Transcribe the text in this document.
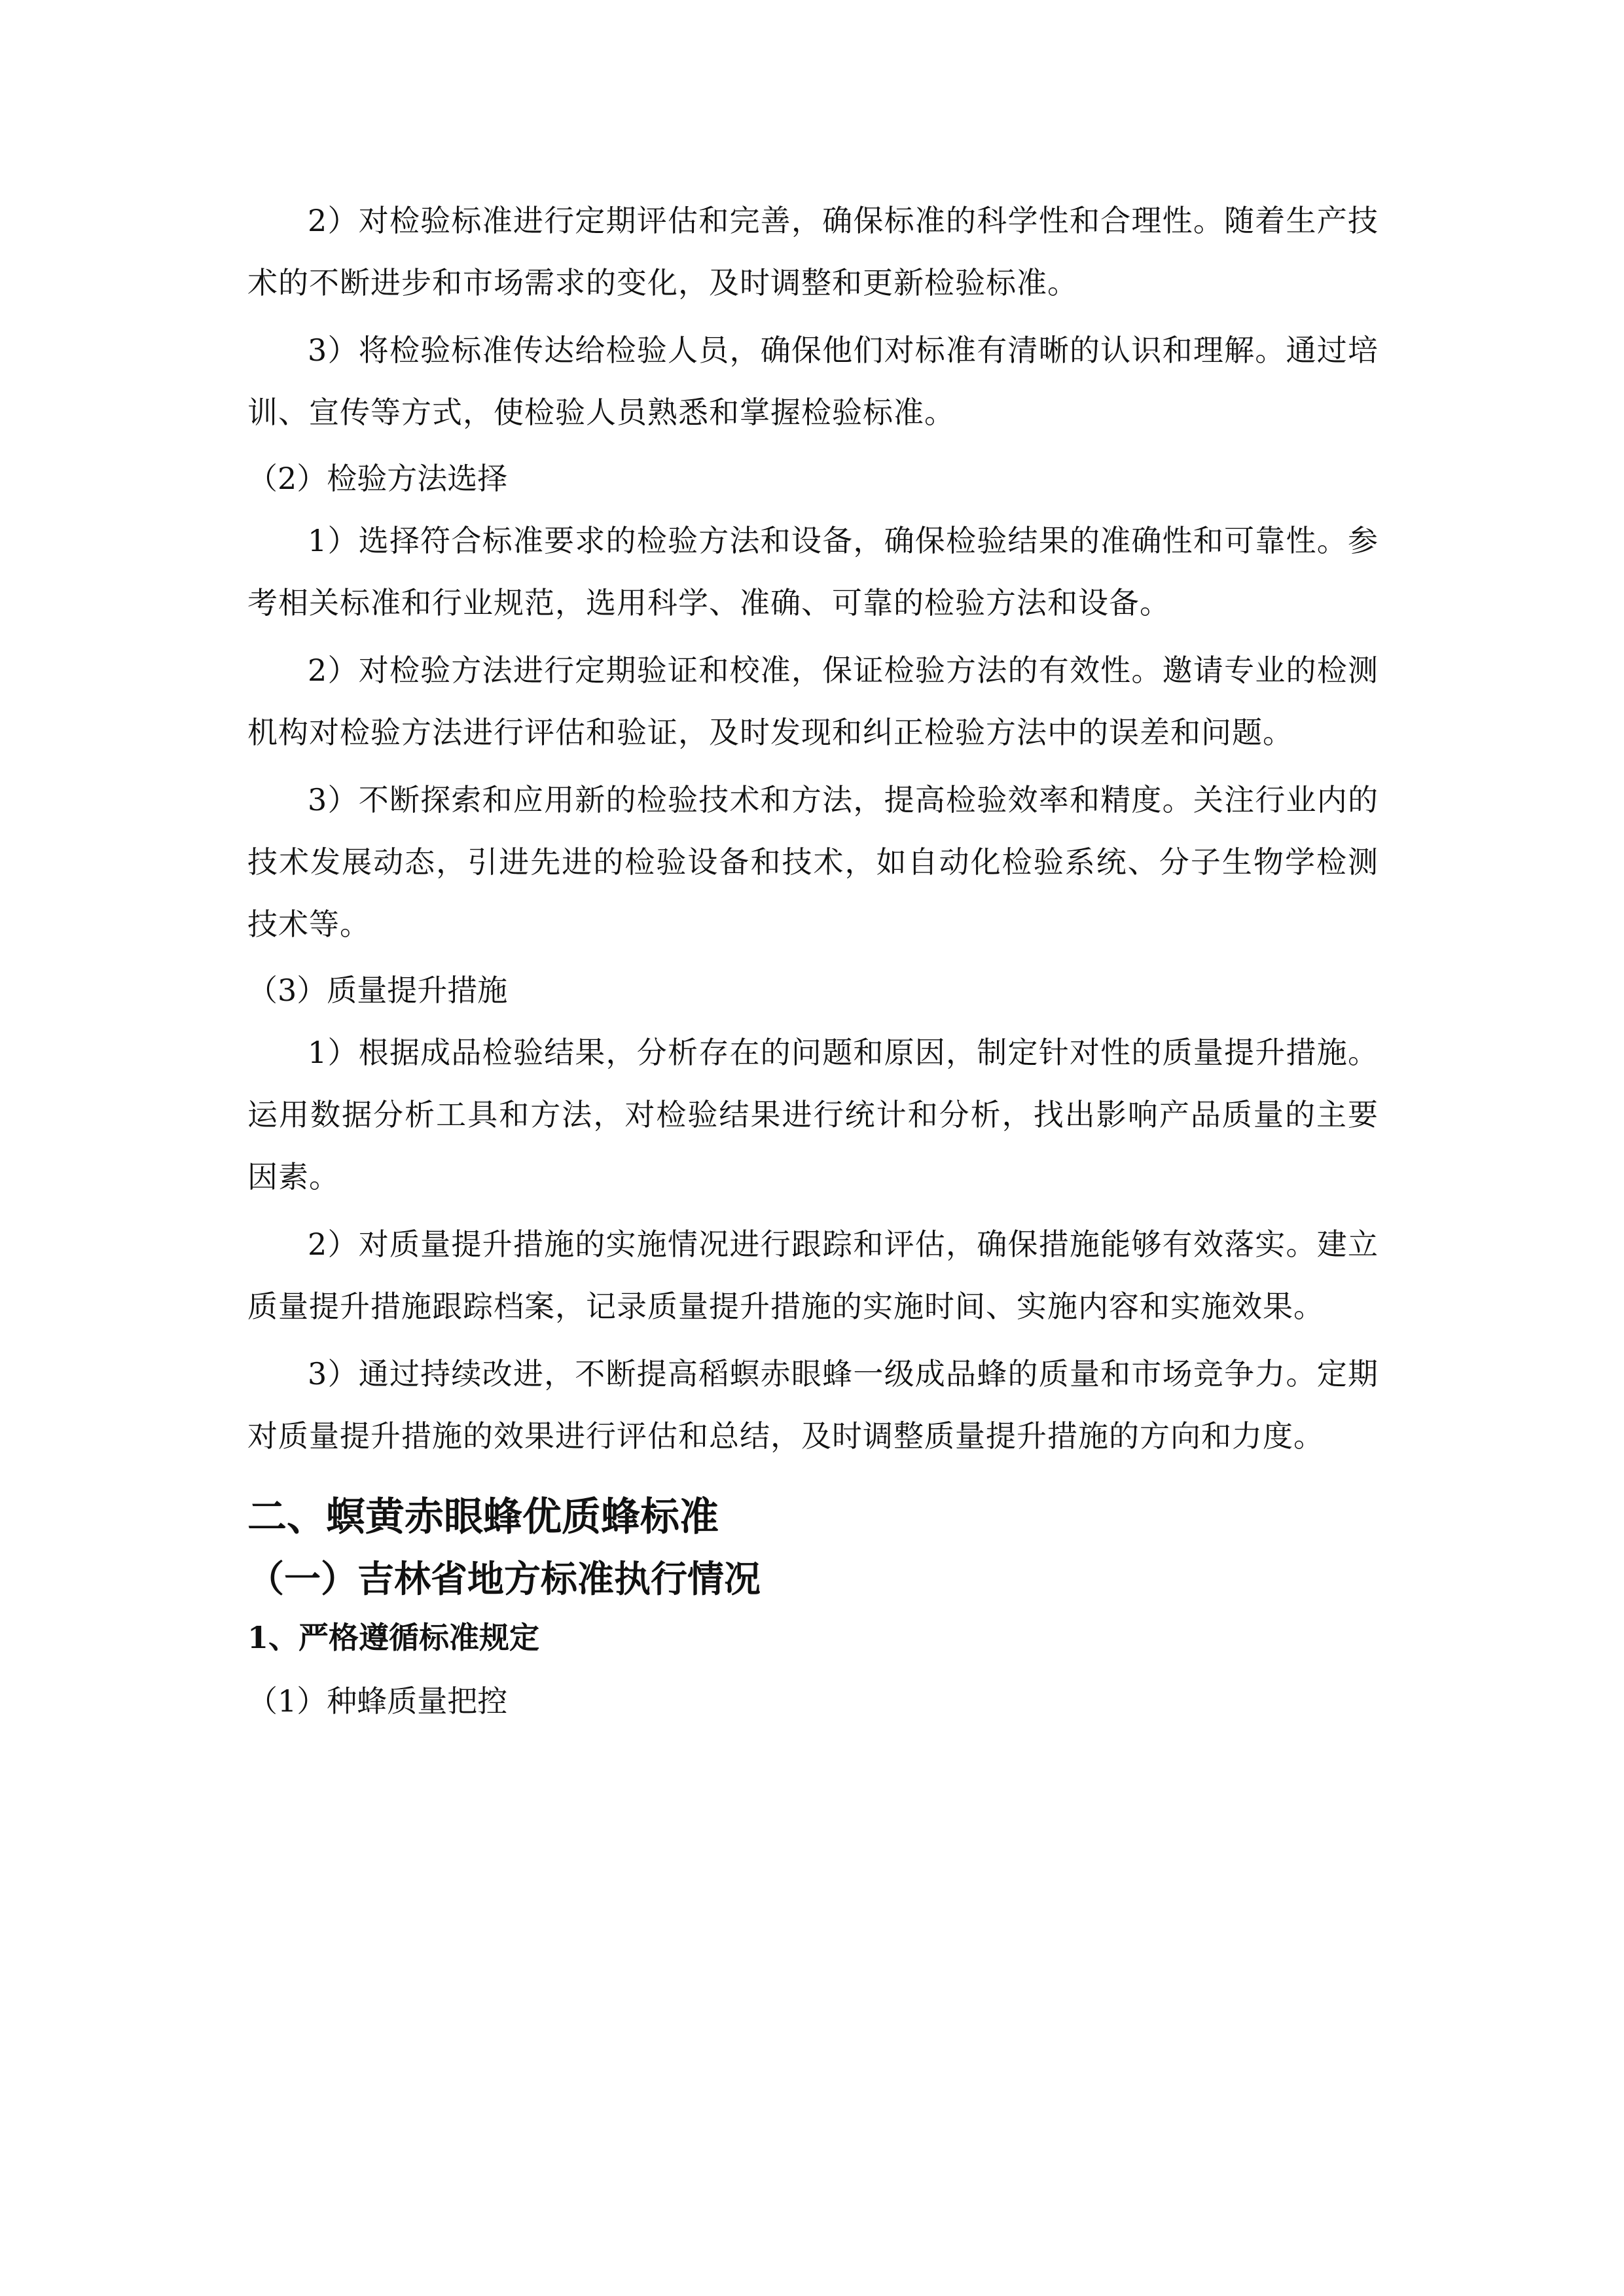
2）对检验标准进行定期评估和完善，确保标准的科学性和合理性。随着生产技术的不断进步和市场需求的变化，及时调整和更新检验标准。

3）将检验标准传达给检验人员，确保他们对标准有清晰的认识和理解。通过培训、宣传等方式，使检验人员熟悉和掌握检验标准。

（2）检验方法选择

1）选择符合标准要求的检验方法和设备，确保检验结果的准确性和可靠性。参考相关标准和行业规范，选用科学、准确、可靠的检验方法和设备。

2）对检验方法进行定期验证和校准，保证检验方法的有效性。邀请专业的检测机构对检验方法进行评估和验证，及时发现和纠正检验方法中的误差和问题。

3）不断探索和应用新的检验技术和方法，提高检验效率和精度。关注行业内的技术发展动态，引进先进的检验设备和技术，如自动化检验系统、分子生物学检测技术等。

（3）质量提升措施

1）根据成品检验结果，分析存在的问题和原因，制定针对性的质量提升措施。运用数据分析工具和方法，对检验结果进行统计和分析，找出影响产品质量的主要因素。

2）对质量提升措施的实施情况进行跟踪和评估，确保措施能够有效落实。建立质量提升措施跟踪档案，记录质量提升措施的实施时间、实施内容和实施效果。

3）通过持续改进，不断提高稻螟赤眼蜂一级成品蜂的质量和市场竞争力。定期对质量提升措施的效果进行评估和总结，及时调整质量提升措施的方向和力度。

二、螟黄赤眼蜂优质蜂标准
（一）吉林省地方标准执行情况
1、严格遵循标准规定

（1）种蜂质量把控
